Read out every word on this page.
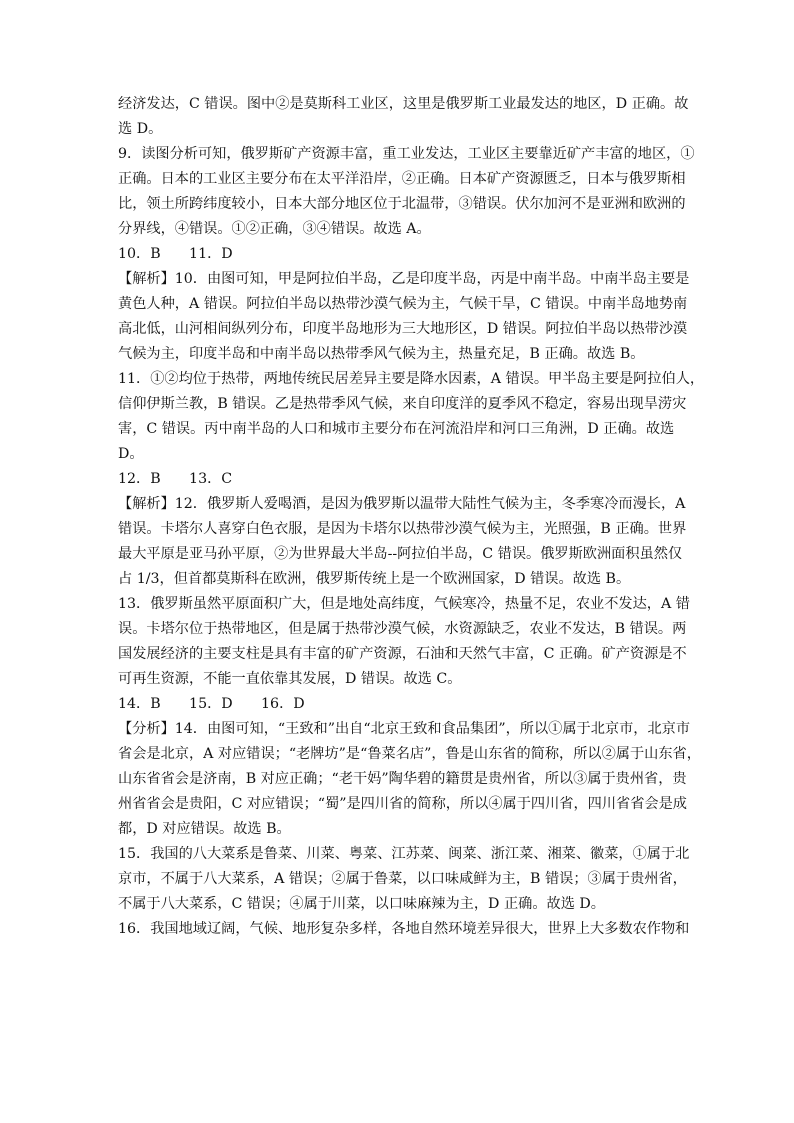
经济发达，C 错误。图中②是莫斯科工业区，这里是俄罗斯工业最发达的地区，D 正确。故
选 D。
9．读图分析可知，俄罗斯矿产资源丰富，重工业发达，工业区主要靠近矿产丰富的地区，①
正确。日本的工业区主要分布在太平洋沿岸，②正确。日本矿产资源匮乏，日本与俄罗斯相
比，领土所跨纬度较小，日本大部分地区位于北温带，③错误。伏尔加河不是亚洲和欧洲的
分界线，④错误。①②正确，③④错误。故选 A。
10．B　　11．D
【解析】10．由图可知，甲是阿拉伯半岛，乙是印度半岛，丙是中南半岛。中南半岛主要是
黄色人种，A 错误。阿拉伯半岛以热带沙漠气候为主，气候干旱，C 错误。中南半岛地势南
高北低，山河相间纵列分布，印度半岛地形为三大地形区，D 错误。阿拉伯半岛以热带沙漠
气候为主，印度半岛和中南半岛以热带季风气候为主，热量充足，B 正确。故选 B。
11．①②均位于热带，两地传统民居差异主要是降水因素，A 错误。甲半岛主要是阿拉伯人，
信仰伊斯兰教，B 错误。乙是热带季风气候，来自印度洋的夏季风不稳定，容易出现旱涝灾
害，C 错误。丙中南半岛的人口和城市主要分布在河流沿岸和河口三角洲，D 正确。故选
D。
12．B　　13．C
【解析】12．俄罗斯人爱喝酒，是因为俄罗斯以温带大陆性气候为主，冬季寒冷而漫长，A
错误。卡塔尔人喜穿白色衣服，是因为卡塔尔以热带沙漠气候为主，光照强，B 正确。世界
最大平原是亚马孙平原，②为世界最大半岛--阿拉伯半岛，C 错误。俄罗斯欧洲面积虽然仅
占 1/3，但首都莫斯科在欧洲，俄罗斯传统上是一个欧洲国家，D 错误。故选 B。
13．俄罗斯虽然平原面积广大，但是地处高纬度，气候寒冷，热量不足，农业不发达，A 错
误。卡塔尔位于热带地区，但是属于热带沙漠气候，水资源缺乏，农业不发达，B 错误。两
国发展经济的主要支柱是具有丰富的矿产资源，石油和天然气丰富，C 正确。矿产资源是不
可再生资源，不能一直依靠其发展，D 错误。故选 C。
14．B　　15．D　　16．D
【分析】14．由图可知，“王致和”出自“北京王致和食品集团”，所以①属于北京市，北京市
省会是北京，A 对应错误；“老牌坊”是“鲁菜名店”，鲁是山东省的简称，所以②属于山东省，
山东省省会是济南，B 对应正确；“老干妈”陶华碧的籍贯是贵州省，所以③属于贵州省，贵
州省省会是贵阳，C 对应错误；“蜀”是四川省的简称，所以④属于四川省，四川省省会是成
都，D 对应错误。故选 B。
15．我国的八大菜系是鲁菜、川菜、粤菜、江苏菜、闽菜、浙江菜、湘菜、徽菜，①属于北
京市，不属于八大菜系，A 错误；②属于鲁菜，以口味咸鲜为主，B 错误；③属于贵州省，
不属于八大菜系，C 错误；④属于川菜，以口味麻辣为主，D 正确。故选 D。
16．我国地域辽阔，气候、地形复杂多样，各地自然环境差异很大，世界上大多数农作物和
